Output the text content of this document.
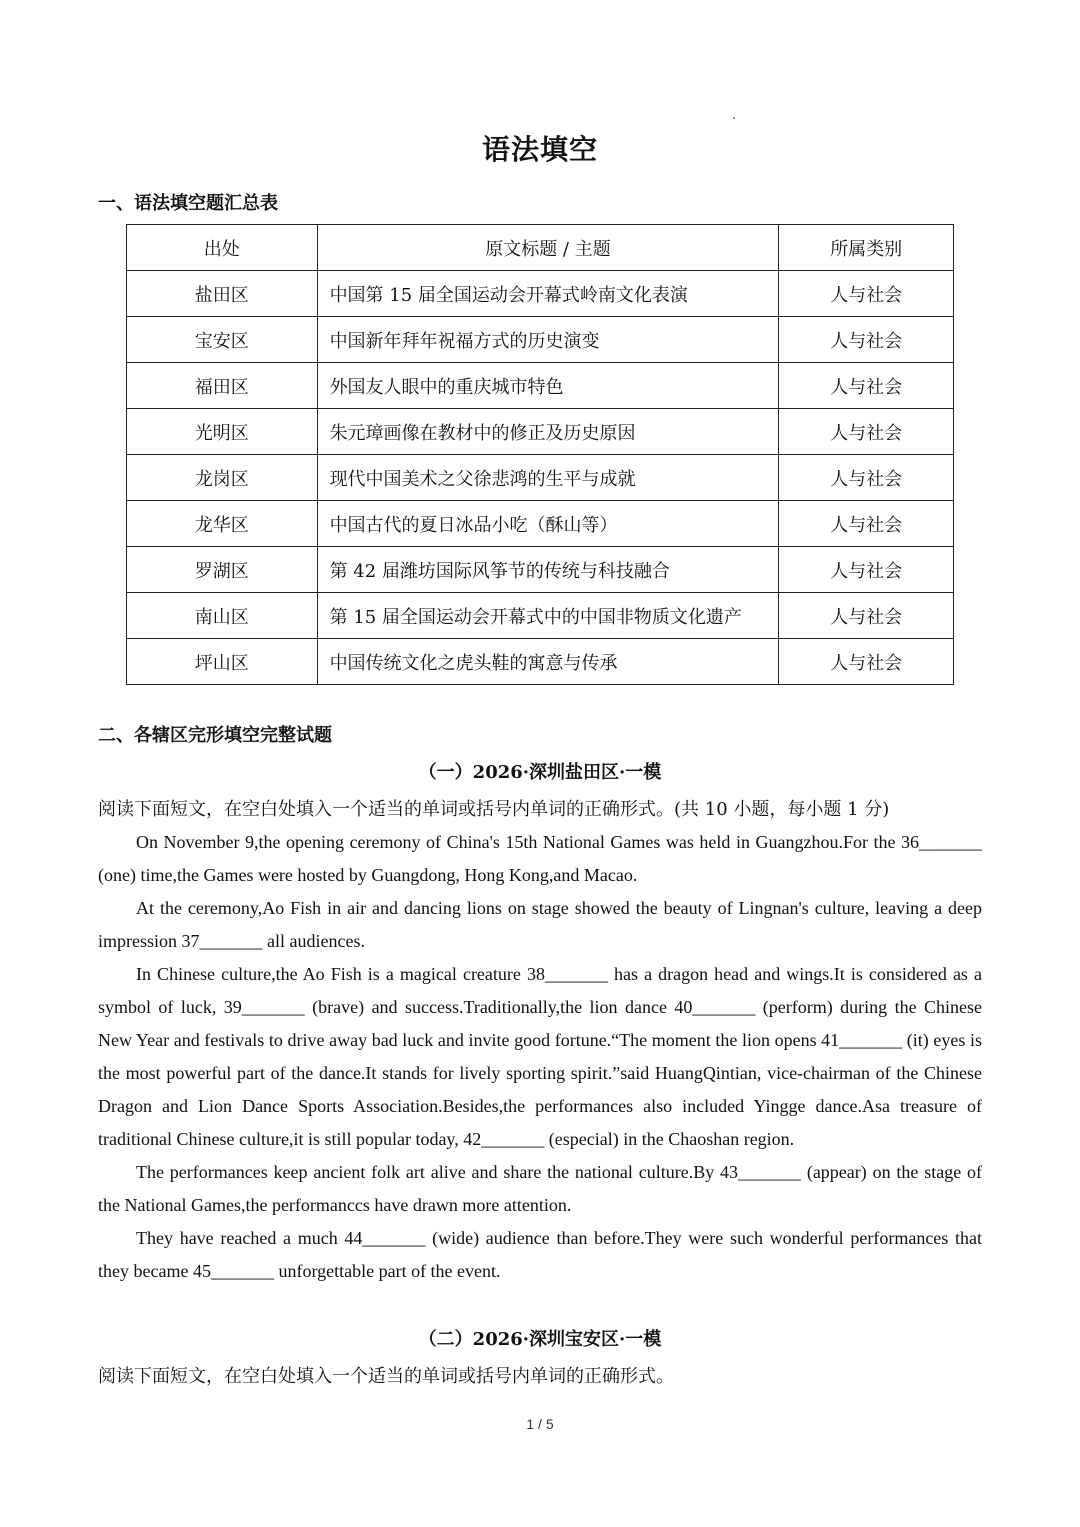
语法填空
一、语法填空题汇总表
出处	原文标题 / 主题	所属类别
盐田区	中国第 15 届全国运动会开幕式岭南文化表演	人与社会
宝安区	中国新年拜年祝福方式的历史演变	人与社会
福田区	外国友人眼中的重庆城市特色	人与社会
光明区	朱元璋画像在教材中的修正及历史原因	人与社会
龙岗区	现代中国美术之父徐悲鸿的生平与成就	人与社会
龙华区	中国古代的夏日冰品小吃（酥山等）	人与社会
罗湖区	第 42 届潍坊国际风筝节的传统与科技融合	人与社会
南山区	第 15 届全国运动会开幕式中的中国非物质文化遗产	人与社会
坪山区	中国传统文化之虎头鞋的寓意与传承	人与社会
二、各辖区完形填空完整试题
（一）2026·深圳盐田区·一模
阅读下面短文，在空白处填入一个适当的单词或括号内单词的正确形式。(共 10 小题，每小题 1 分)

On November 9,the opening ceremony of China's 15th National Games was held in Guangzhou.For the 36_______ (one) time,the Games were hosted by Guangdong, Hong Kong,and Macao.

At the ceremony,Ao Fish in air and dancing lions on stage showed the beauty of Lingnan's culture, leaving a deep impression 37_______ all audiences.

In Chinese culture,the Ao Fish is a magical creature 38_______ has a dragon head and wings.It is considered as a symbol of luck, 39_______ (brave) and success.Traditionally,the lion dance 40_______ (perform) during the Chinese New Year and festivals to drive away bad luck and invite good fortune.“The moment the lion opens 41_______ (it) eyes is the most powerful part of the dance.It stands for lively sporting spirit.”said HuangQintian, vice-chairman of the Chinese Dragon and Lion Dance Sports Association.Besides,the performances also included Yingge dance.Asa treasure of traditional Chinese culture,it is still popular today, 42_______ (especial) in the Chaoshan region.

The performances keep ancient folk art alive and share the national culture.By 43_______ (appear) on the stage of the National Games,the performanccs have drawn more attention.

They have reached a much 44_______ (wide) audience than before.They were such wonderful performances that they became 45_______ unforgettable part of the event.

（二）2026·深圳宝安区·一模
阅读下面短文，在空白处填入一个适当的单词或括号内单词的正确形式。
1 / 5
